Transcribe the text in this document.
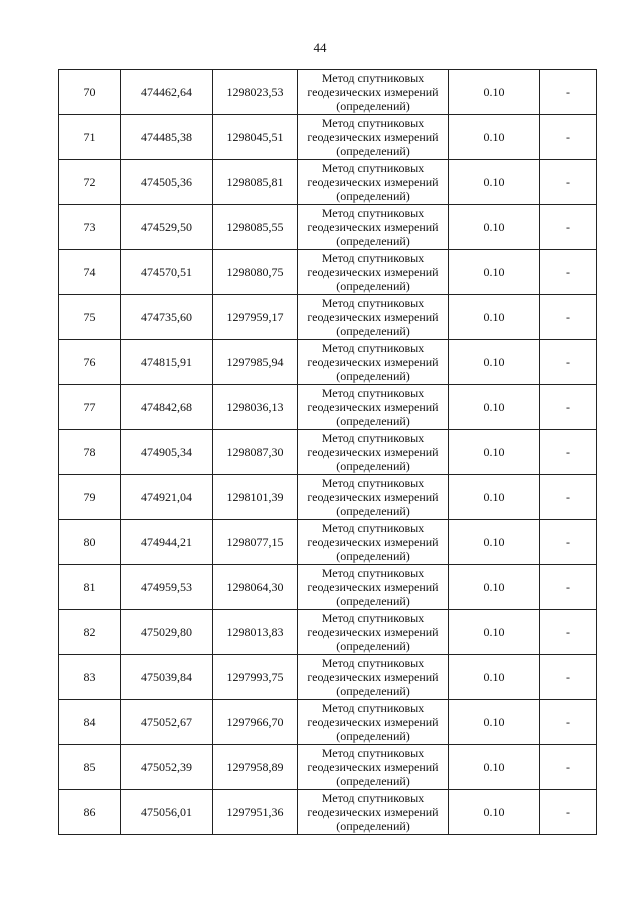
44
70	474462,64	1298023,53	Метод спутниковых геодезических измерений (определений)	0.10	-
71	474485,38	1298045,51	Метод спутниковых геодезических измерений (определений)	0.10	-
72	474505,36	1298085,81	Метод спутниковых геодезических измерений (определений)	0.10	-
73	474529,50	1298085,55	Метод спутниковых геодезических измерений (определений)	0.10	-
74	474570,51	1298080,75	Метод спутниковых геодезических измерений (определений)	0.10	-
75	474735,60	1297959,17	Метод спутниковых геодезических измерений (определений)	0.10	-
76	474815,91	1297985,94	Метод спутниковых геодезических измерений (определений)	0.10	-
77	474842,68	1298036,13	Метод спутниковых геодезических измерений (определений)	0.10	-
78	474905,34	1298087,30	Метод спутниковых геодезических измерений (определений)	0.10	-
79	474921,04	1298101,39	Метод спутниковых геодезических измерений (определений)	0.10	-
80	474944,21	1298077,15	Метод спутниковых геодезических измерений (определений)	0.10	-
81	474959,53	1298064,30	Метод спутниковых геодезических измерений (определений)	0.10	-
82	475029,80	1298013,83	Метод спутниковых геодезических измерений (определений)	0.10	-
83	475039,84	1297993,75	Метод спутниковых геодезических измерений (определений)	0.10	-
84	475052,67	1297966,70	Метод спутниковых геодезических измерений (определений)	0.10	-
85	475052,39	1297958,89	Метод спутниковых геодезических измерений (определений)	0.10	-
86	475056,01	1297951,36	Метод спутниковых геодезических измерений (определений)	0.10	-
